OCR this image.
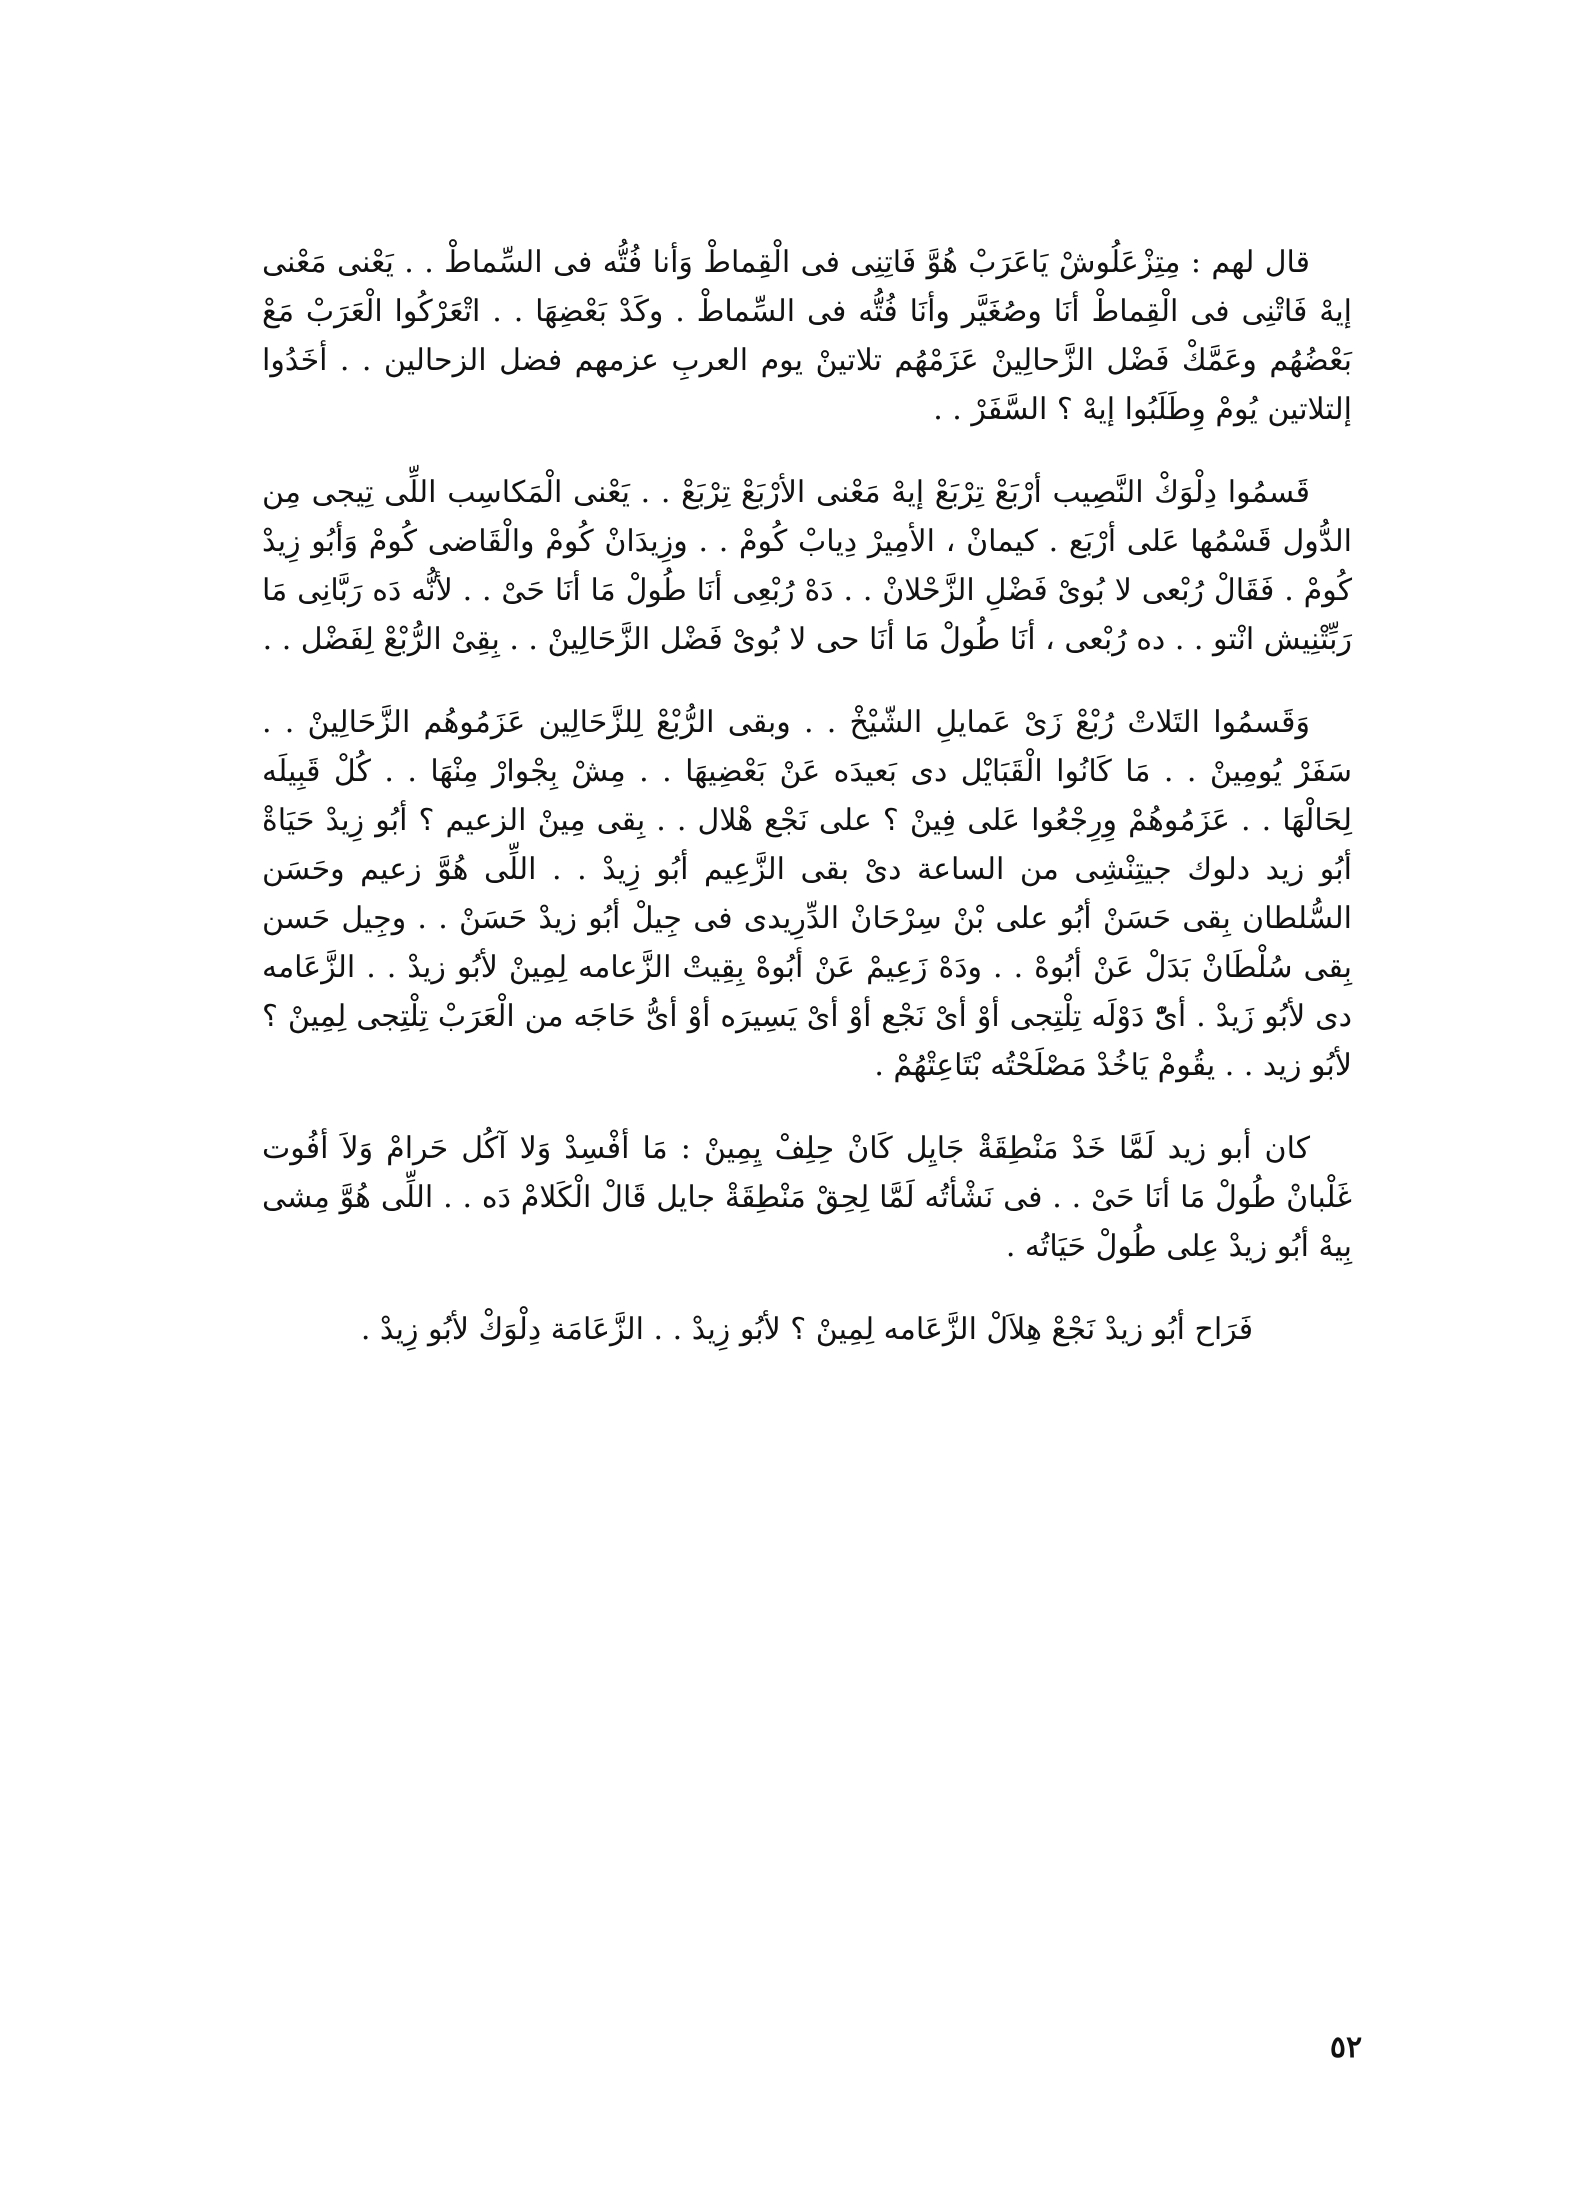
قال لهم : مِتِزْعَلُوشْ يَاعَرَبْ هُوَّ فَاتِنِى فى الْقِماطْ وَأنا فُتُّه فى السِّماطْ . . يَعْنى مَعْنى إيهْ فَاتْنِى فى الْقِماطْ أنَا وصُغَيَّر وأنَا فُتُّه فى السِّماطْ . وكَدْ بَعْضِهَا . . اتْعَرْكُوا الْعَرَبْ مَعْ بَعْضُهُم وعَمَّكْ فَضْل الزَّحالِينْ عَزَمْهُم تلاتينْ يوم العربِ عزمهم فضل الزحالين . . أخَدُوا إلتلاتين يُومْ وِطَلَبُوا إيهْ ؟ السَّفَرْ . .

قَسمُوا دِلْوَكْ النَّصِيب أرْبَعْ تِرْبَعْ إيهْ مَعْنى الأرْبَعْ تِرْبَعْ . . يَعْنى الْمَكاسِب اللِّى تِيجى مِن الدُّول قَسْمُها عَلى أرْبَع . كيمانْ ، الأمِيرْ دِيابْ كُومْ . . وزِيدَانْ كُومْ والْقَاضى كُومْ وَأبُو زِيدْ كُومْ . فَقَالْ رُبْعى لا بُوىْ فَضْلِ الزَّحْلانْ . . دَهْ رُبْعِى أنَا طُولْ مَا أنَا حَىْ . . لأنُّه دَه رَبَّانِى مَا رَبِّتْنِيش انْتو . . ده رُبْعى ، أنَا طُولْ مَا أنَا حى لا بُوىْ فَضْل الزَّحَالِينْ . . بِقِىْ الرُّبْعْ لِفَضْل . .

وَقَسمُوا التَلاتْ رُبْعْ زَىْ عَمايلِ الشّيْخْ . . وبقى الرُّبْعْ لِلزَّحَالِين عَزَمُوهُم الزَّحَالِينْ . . سَفَرْ يُومِينْ . . مَا كَانُوا الْقَبَايْل دى بَعيدَه عَنْ بَعْضِيهَا . . مِشْ بِجْوارْ مِنْهَا . . كُلْ قَبِيلَه لِحَالْهَا . . عَزَمُوهُمْ وِرِجْعُوا عَلى فِينْ ؟ على نَجْع هْلال . . بِقى مِينْ الزعيم ؟ أبُو زِيدْ حَيَاةْ أبُو زيد دلوك جيتِنْشِى من الساعة دىْ بقى الزَّعِيم أبُو زِيدْ . . اللِّى هُوَّ زعيم وحَسَن السُّلطان بِقى حَسَنْ أبُو على بْنْ سِرْحَانْ الدِّرِيدى فى جِيلْ أبُو زيدْ حَسَنْ . . وجِيل حَسن بِقى سُلْطَانْ بَدَلْ عَنْ أبُوهْ . . ودَهْ زَعِيمْ عَنْ أبُوهْ بِقِيتْ الزَّعامه لِمِينْ لأبُو زيدْ . . الزَّعَامه دى لأبُو زَيدْ . أىّْ دَوْلَه تِلْتِجى أوْ أىْ نَجْع أوْ أىْ يَسِيرَه أوْ أىُّ حَاجَه من الْعَرَبْ تِلْتِجى لِمِينْ ؟ لأبُو زيد . . يقُومْ يَاخُدْ مَصْلَحْتُه بْتَاعِتْهُمْ .

كان أبو زيد لَمَّا خَدْ مَنْطِقَةْ جَايِل كَانْ حِلِفْ يِمِينْ : مَا أفْسِدْ وَلا آكُل حَرامْ وَلاَ أفُوت غَلْبانْ طُولْ مَا أنَا حَىْ . . فى نَشْأتُه لَمَّا لِحِقْ مَنْطِقَةْ جايل قَالْ الْكَلامْ دَه . . اللِّى هُوَّ مِشى بِيهْ أبُو زيدْ عِلى طُولْ حَيَاتُه .

فَرَاح أبُو زيدْ نَجْعْ هِلاَلْ الزَّعَامه لِمِينْ ؟ لأبُو زِيدْ . . الزَّعَامَة دِلْوَكْ لأبُو زِيدْ .

٥٢
